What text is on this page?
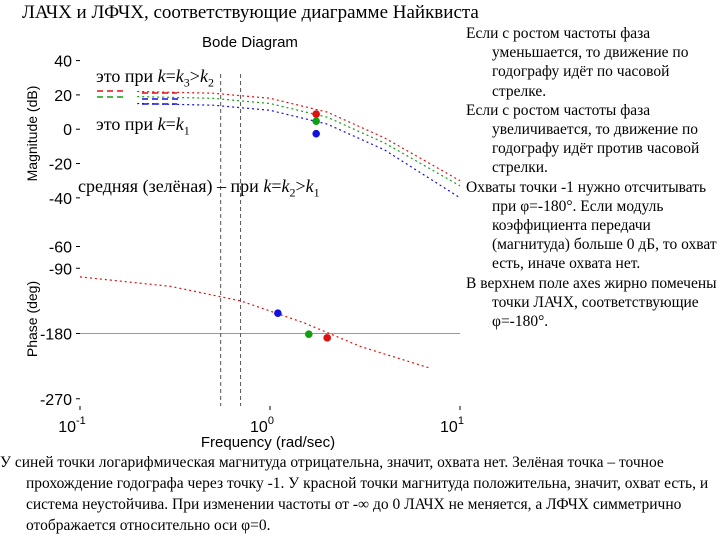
ЛАЧХ и ЛФЧХ, соответствующие диаграмме Найквиста
Bode Diagram
40
20
0
-20
-40
Magnitude (dB)
-60
-90
-180
-270
Phase (deg)
$10^{-1}$	$10^0$	$10^1$
Frequency (rad/sec)
это при $k=k_3>k_2$
это при $k=k_1$
средняя (зелёная) – при $k=k_2>k_1$

Если с ростом частоты фаза уменьшается, то движение по годографу идёт по часовой стрелке.

Если с ростом частоты фаза увеличивается, то движение по годографу идёт против часовой стрелки.

Охваты точки -1 нужно отсчитывать при φ=-180°. Если модуль коэффициента передачи (магнитуда) больше 0 дБ, то охват есть, иначе охвата нет.

В верхнем поле axes жирно помечены точки ЛАЧХ, соответствующие φ=-180°.

У синей точки логарифмическая магнитуда отрицательна, значит, охвата нет. Зелёная точка – точное прохождение годографа через точку -1. У красной точки магнитуда положительна, значит, охват есть, и система неустойчива. При изменении частоты от -∞ до 0 ЛАЧХ не меняется, а ЛФЧХ симметрично отображается относительно оси φ=0.
